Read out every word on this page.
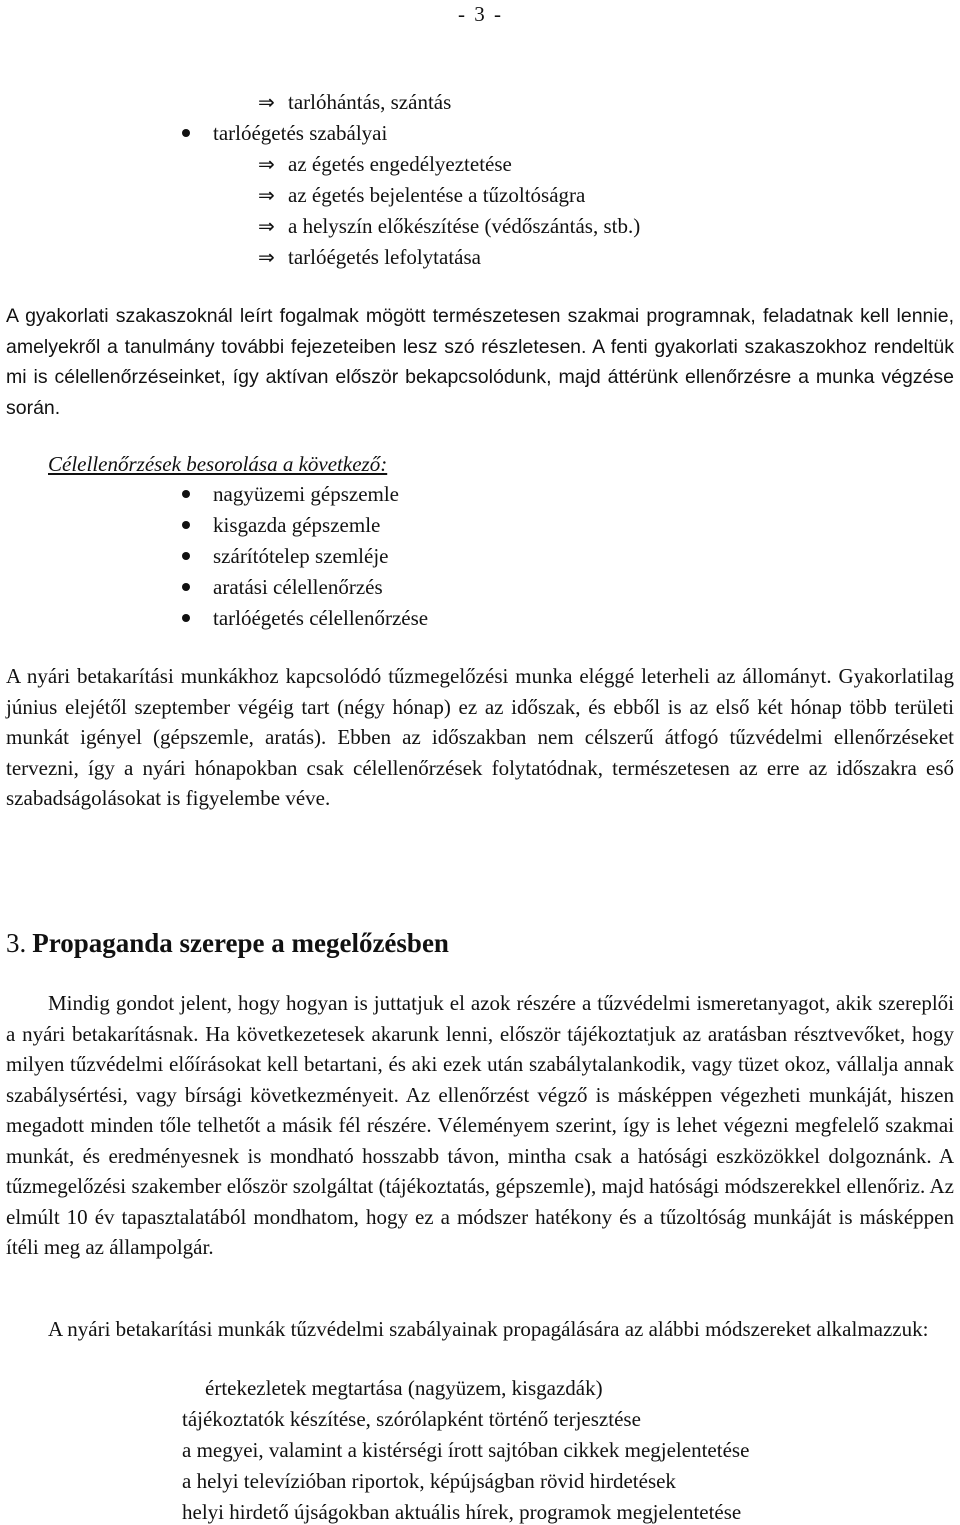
- 3 -
⇒ tarlóhántás, szántás
tarlóégetés szabályai
⇒ az égetés engedélyeztetése
⇒ az égetés bejelentése a tűzoltóságra
⇒ a helyszín előkészítése (védőszántás, stb.)
⇒ tarlóégetés lefolytatása
A gyakorlati szakaszoknál leírt fogalmak mögött természetesen szakmai programnak, feladatnak kell lennie, amelyekről a tanulmány további fejezeteiben lesz szó részletesen. A fenti gyakorlati szakaszokhoz rendeltük mi is célellenőrzéseinket, így aktívan először bekapcsolódunk, majd áttérünk ellenőrzésre a munka végzése során.
Célellenőrzések besorolása a következő:
nagyüzemi gépszemle
kisgazda gépszemle
szárítótelep szemléje
aratási célellenőrzés
tarlóégetés célellenőrzése
A nyári betakarítási munkákhoz kapcsolódó tűzmegelőzési munka eléggé leterheli az állományt. Gyakorlatilag június elejétől szeptember végéig tart (négy hónap) ez az időszak, és ebből is az első két hónap több területi munkát igényel (gépszemle, aratás). Ebben az időszakban nem célszerű átfogó tűzvédelmi ellenőrzéseket tervezni, így a nyári hónapokban csak célellenőrzések folytatódnak, természetesen az erre az időszakra eső szabadságolásokat is figyelembe véve.
3. Propaganda szerepe a megelőzésben
Mindig gondot jelent, hogy hogyan is juttatjuk el azok részére a tűzvédelmi ismeretanyagot, akik szereplői a nyári betakarításnak. Ha következetesek akarunk lenni, először tájékoztatjuk az aratásban résztvevőket, hogy milyen tűzvédelmi előírásokat kell betartani, és aki ezek után szabálytalankodik, vagy tüzet okoz, vállalja annak szabálysértési, vagy bírsági következményeit. Az ellenőrzést végző is másképpen végezheti munkáját, hiszen megadott minden tőle telhetőt a másik fél részére. Véleményem szerint, így is lehet végezni megfelelő szakmai munkát, és eredményesnek is mondható hosszabb távon, mintha csak a hatósági eszközökkel dolgoznánk. A tűzmegelőzési szakember először szolgáltat (tájékoztatás, gépszemle), majd hatósági módszerekkel ellenőriz. Az elmúlt 10 év tapasztalatából mondhatom, hogy ez a módszer hatékony és a tűzoltóság munkáját is másképpen ítéli meg az állampolgár.
A nyári betakarítási munkák tűzvédelmi szabályainak propagálására az alábbi módszereket alkalmazzuk:
értekezletek megtartása (nagyüzem, kisgazdák)
tájékoztatók készítése, szórólapként történő terjesztése
a megyei, valamint a kistérségi írott sajtóban cikkek megjelentetése
a helyi televízióban riportok, képújságban rövid hirdetések
helyi hirdető újságokban aktuális hírek, programok megjelentetése
